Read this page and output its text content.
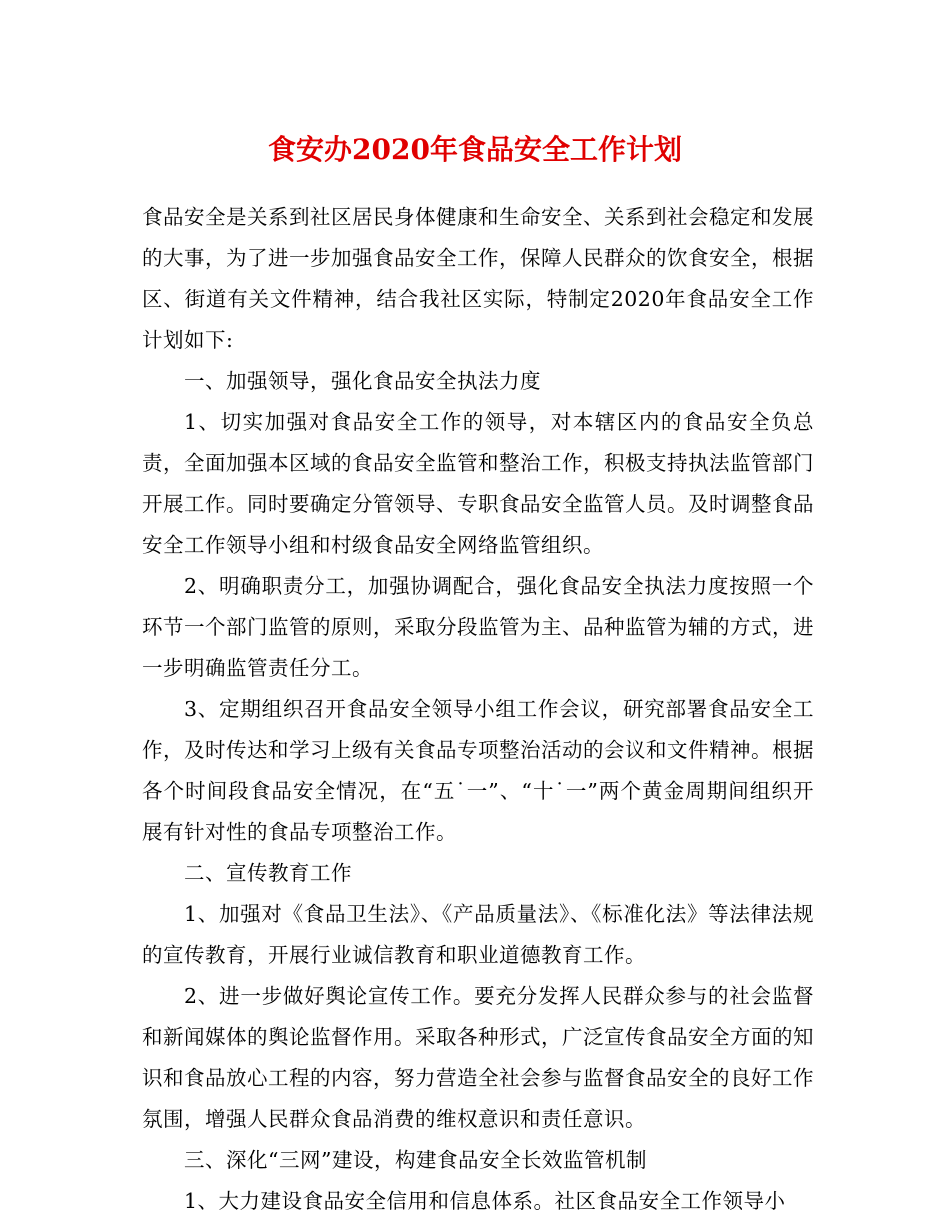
食安办2020年食品安全工作计划

食品安全是关系到社区居民身体健康和生命安全、关系到社会稳定和发展的大事，为了进一步加强食品安全工作，保障人民群众的饮食安全，根据区、街道有关文件精神，结合我社区实际，特制定2020年食品安全工作计划如下:

一、加强领导，强化食品安全执法力度

1、切实加强对食品安全工作的领导，对本辖区内的食品安全负总责，全面加强本区域的食品安全监管和整治工作，积极支持执法监管部门开展工作。同时要确定分管领导、专职食品安全监管人员。及时调整食品安全工作领导小组和村级食品安全网络监管组织。

2、明确职责分工，加强协调配合，强化食品安全执法力度按照一个环节一个部门监管的原则，采取分段监管为主、品种监管为辅的方式，进一步明确监管责任分工。

3、定期组织召开食品安全领导小组工作会议，研究部署食品安全工作，及时传达和学习上级有关食品专项整治活动的会议和文件精神。根据各个时间段食品安全情况，在“五˙一”、“十˙一”两个黄金周期间组织开展有针对性的食品专项整治工作。

二、宣传教育工作

1、加强对《食品卫生法》、《产品质量法》、《标准化法》等法律法规的宣传教育，开展行业诚信教育和职业道德教育工作。

2、进一步做好舆论宣传工作。要充分发挥人民群众参与的社会监督和新闻媒体的舆论监督作用。采取各种形式，广泛宣传食品安全方面的知识和食品放心工程的内容，努力营造全社会参与监督食品安全的良好工作氛围，增强人民群众食品消费的维权意识和责任意识。

三、深化“三网”建设，构建食品安全长效监管机制

1、大力建设食品安全信用和信息体系。社区食品安全工作领导小
